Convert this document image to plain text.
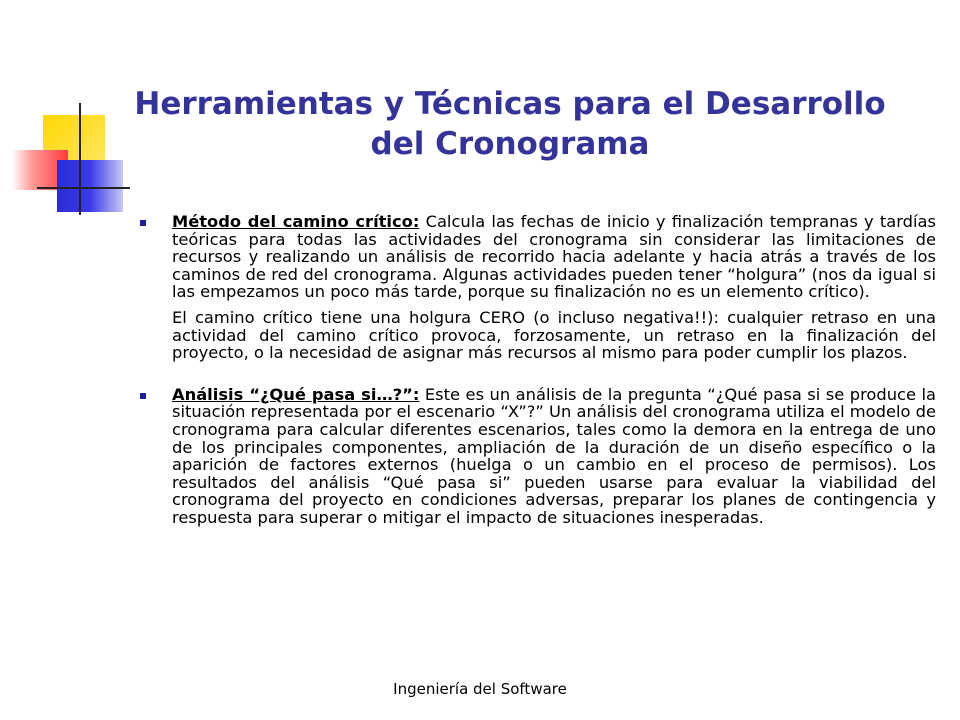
Herramientas y Técnicas para el Desarrollo
del Cronograma

Método del camino crítico: Calcula las fechas de inicio y finalización tempranas y tardías teóricas para todas las actividades del cronograma sin considerar las limitaciones de recursos y realizando un análisis de recorrido hacia adelante y hacia atrás a través de los caminos de red del cronograma. Algunas actividades pueden tener “holgura” (nos da igual si las empezamos un poco más tarde, porque su finalización no es un elemento crítico).

El camino crítico tiene una holgura CERO (o incluso negativa!!): cualquier retraso en una actividad del camino crítico provoca, forzosamente, un retraso en la finalización del proyecto, o la necesidad de asignar más recursos al mismo para poder cumplir los plazos.

Análisis “¿Qué pasa si…?”: Este es un análisis de la pregunta “¿Qué pasa si se produce la situación representada por el escenario “X”?” Un análisis del cronograma utiliza el modelo de cronograma para calcular diferentes escenarios, tales como la demora en la entrega de uno de los principales componentes, ampliación de la duración de un diseño específico o la aparición de factores externos (huelga o un cambio en el proceso de permisos). Los resultados del análisis “Qué pasa si” pueden usarse para evaluar la viabilidad del cronograma del proyecto en condiciones adversas, preparar los planes de contingencia y respuesta para superar o mitigar el impacto de situaciones inesperadas.

Ingeniería del Software
